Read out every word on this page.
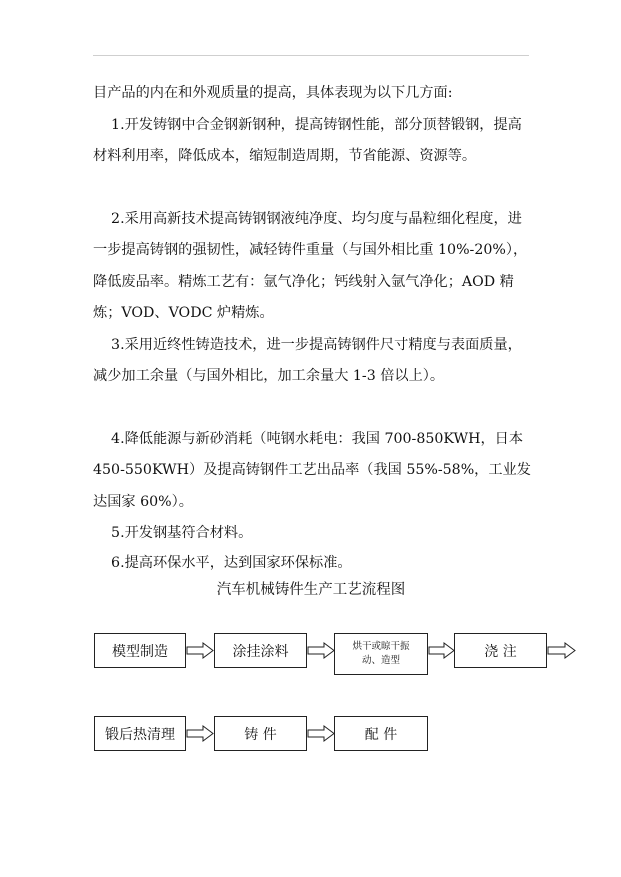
目产品的内在和外观质量的提高，具体表现为以下几方面:
1.开发铸钢中合金钢新钢种，提高铸钢性能，部分顶替锻钢，提高材料利用率，降低成本，缩短制造周期，节省能源、资源等。
2.采用高新技术提高铸钢钢液纯净度、均匀度与晶粒细化程度，进一步提高铸钢的强韧性，减轻铸件重量（与国外相比重 10%-20%），降低废品率。精炼工艺有：氩气净化；钙线射入氩气净化；AOD 精炼；VOD、VODC 炉精炼。
3.采用近终性铸造技术，进一步提高铸钢件尺寸精度与表面质量，减少加工余量（与国外相比，加工余量大 1-3 倍以上）。
4.降低能源与新砂消耗（吨钢水耗电：我国 700-850KWH，日本 450-550KWH）及提高铸钢件工艺出品率（我国 55%-58%，工业发达国家 60%）。
5.开发钢基符合材料。
6.提高环保水平，达到国家环保标准。
汽车机械铸件生产工艺流程图
模型制造	涂挂涂料	烘干或晾干振
动、造型
浇 注
锻后热清理	铸 件	配 件
